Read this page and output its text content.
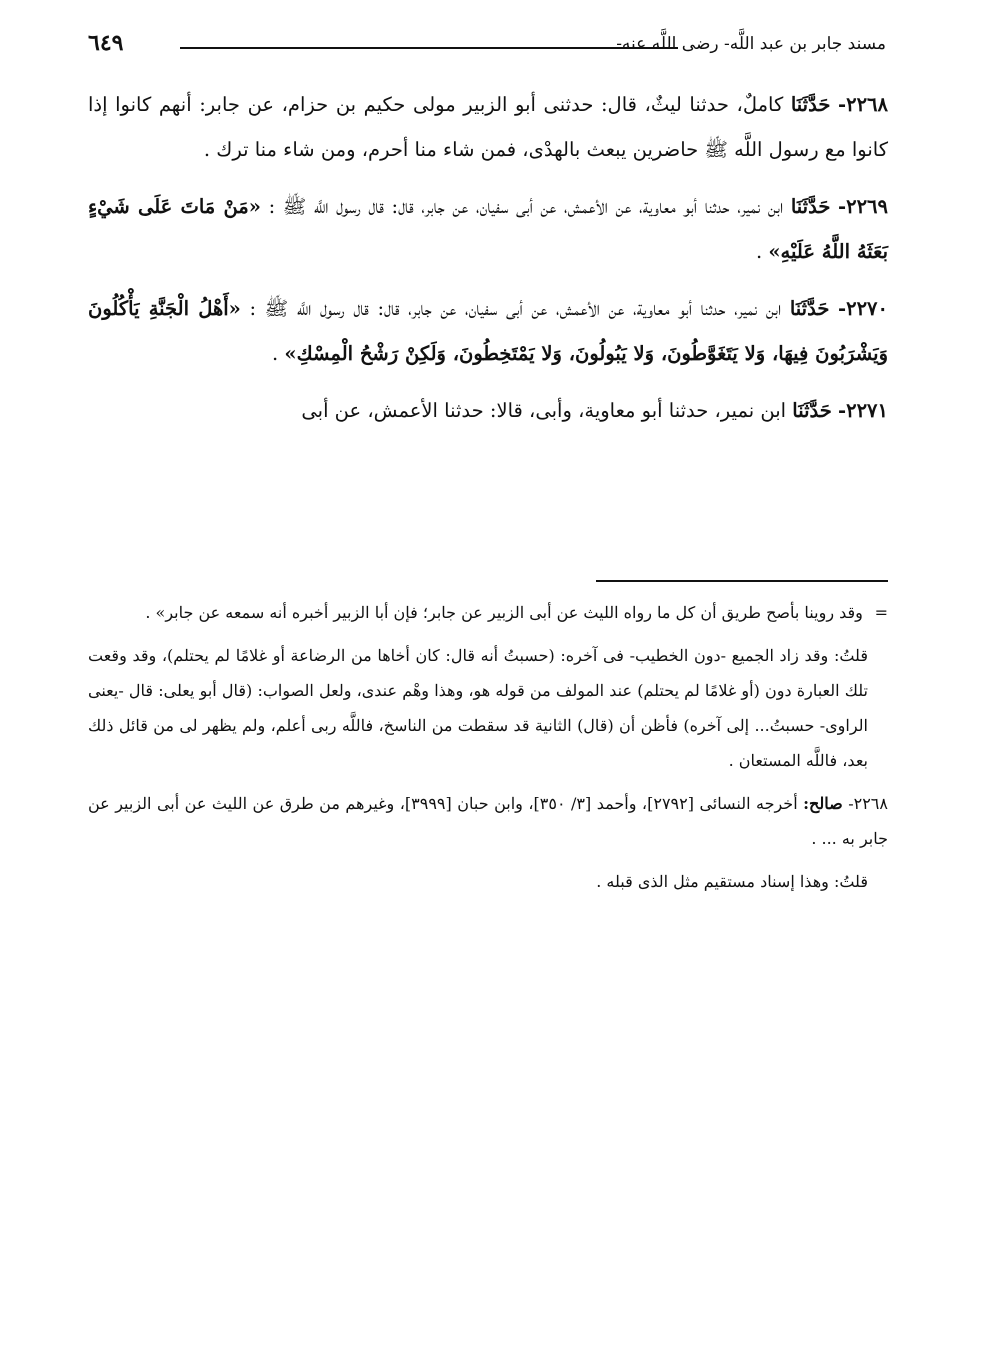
مسند جابر بن عبد اللَّه- رضى اللَّه عنه-
٦٤٩

٢٢٦٨- حَدَّثَنَا كاملٌ، حدثنا ليثٌ، قال: حدثنى أبو الزبير مولى حكيم بن حزام، عن جابر: أنهم كانوا إذا كانوا مع رسول اللَّه ﷺ حاضرين يبعث بالهدْى، فمن شاء منا أحرم، ومن شاء منا ترك .

٢٢٦٩- حَدَّثَنَا ابن نمير، حدثنا أبو معاوية، عن الأعمش، عن أبى سفيان، عن جابر، قال: قال رسول اللَّه ﷺ : «مَنْ مَاتَ عَلَى شَيْءٍ بَعَثَهُ اللَّهُ عَلَيْهِ» .

٢٢٧٠- حَدَّثَنَا ابن نمير، حدثنا أبو معاوية، عن الأعمش، عن أبى سفيان، عن جابر، قال: قال رسول اللَّه ﷺ : «أَهْلُ الْجَنَّةِ يَأْكُلُونَ وَيَشْرَبُونَ فِيهَا، وَلا يَتَغَوَّطُونَ، وَلا يَبُولُونَ، وَلا يَمْتَخِطُونَ، وَلَكِنْ رَشْحُ الْمِسْكِ» .

٢٢٧١- حَدَّثَنَا ابن نمير، حدثنا أبو معاوية، وأبى، قالا: حدثنا الأعمش، عن أبى

= وقد روينا بأصح طريق أن كل ما رواه الليث عن أبى الزبير عن جابر؛ فإن أبا الزبير أخبره أنه سمعه عن جابر» .

قلتُ: وقد زاد الجميع -دون الخطيب- فى آخره: (حسبتُ أنه قال: كان أخاها من الرضاعة أو غلامًا لم يحتلم)، وقد وقعت تلك العبارة دون (أو غلامًا لم يحتلم) عند المولف من قوله هو، وهذا وهْم عندى، ولعل الصواب: (قال أبو يعلى: قال -يعنى الراوى- حسبتُ... إلى آخره) فأظن أن (قال) الثانية قد سقطت من الناسخ، فاللَّه ربى أعلم، ولم يظهر لى من قائل ذلك بعد، فاللَّه المستعان .

٢٢٦٨- صالح: أخرجه النسائى [٢٧٩٢]، وأحمد [٣/ ٣٥٠]، وابن حبان [٣٩٩٩]، وغيرهم من طرق عن الليث عن أبى الزبير عن جابر به ... .

قلتُ: وهذا إسناد مستقيم مثل الذى قبله .
